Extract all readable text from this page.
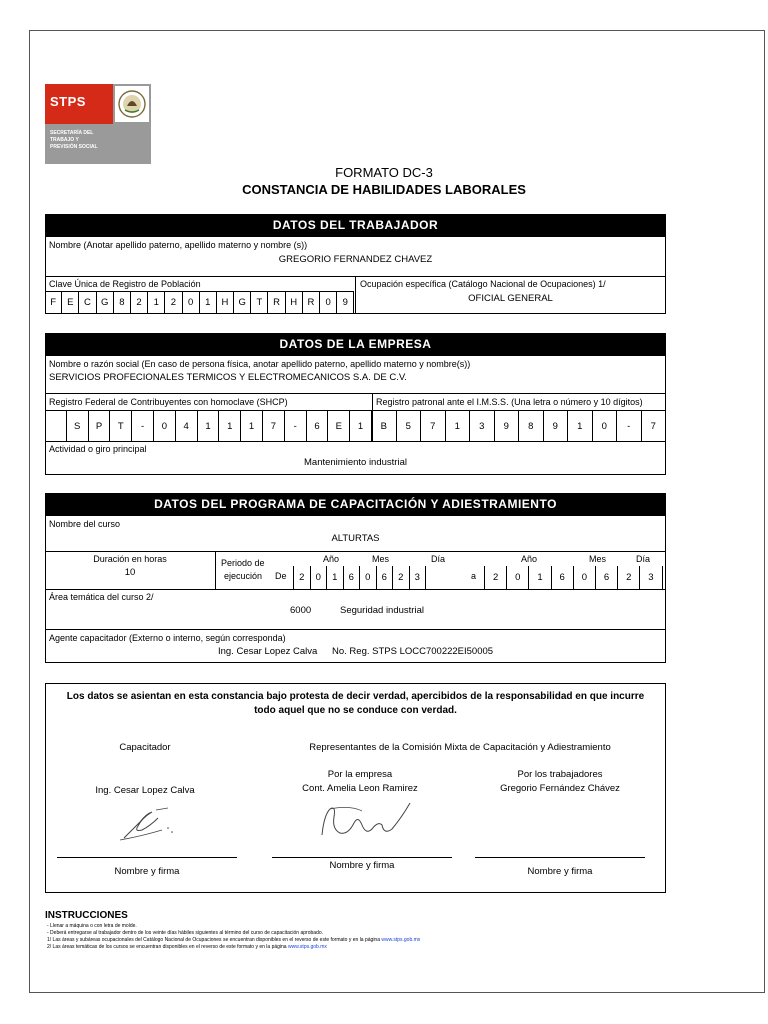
STPS
SECRETARÍA DEL
TRABAJO Y
PREVISIÓN SOCIAL
FORMATO DC-3
CONSTANCIA DE HABILIDADES LABORALES
DATOS DEL TRABAJADOR
Nombre (Anotar apellido paterno, apellido materno y nombre (s))
GREGORIO FERNANDEZ CHAVEZ
Clave Única de Registro de Población
F	E	C	G	8	2	1	2	0	1	H	G	T	R	H	R	0	9
Ocupación específica (Catálogo Nacional de Ocupaciones) 1/
OFICIAL GENERAL
DATOS DE LA EMPRESA
Nombre o razón social (En caso de persona física, anotar apellido paterno, apellido materno y nombre(s))
SERVICIOS PROFECIONALES TERMICOS Y ELECTROMECANICOS S.A. DE C.V.
Registro Federal de Contribuyentes con homoclave (SHCP)	Registro patronal ante el I.M.S.S. (Una letra o número y 10 dígitos)
S	P	T	-	0	4	1	1	1	7	-	6	E	1	B	5	7	1	3	9	8	9	1	0	-	7
Actividad o giro principal
Mantenimiento industrial
DATOS DEL PROGRAMA DE CAPACITACIÓN Y ADIESTRAMIENTO
Nombre del curso
ALTURTAS
Duración en horas
10
Periodo de
ejecución De
Año	Mes	Día
2	0	1	6	0	6	2	3	a
Año	Mes	Día
2	0	1	6	0	6	2	3
Área temática del curso 2/
6000	Seguridad industrial
Agente capacitador (Externo o interno, según corresponda)
Ing. Cesar Lopez Calva No. Reg. STPS LOCC700222EI50005
Los datos se asientan en esta constancia bajo protesta de decir verdad, apercibidos de la responsabilidad en que incurre todo aquel que no se conduce con verdad.
Capacitador	Representantes de la Comisión Mixta de Capacitación y Adiestramiento
Ing. Cesar Lopez Calva
Por la empresa
Cont. Amelia Leon Ramirez
Por los trabajadores
Gregorio Fernández Chávez
Nombre y firma
Nombre y firma
Nombre y firma
INSTRUCCIONES
- Llenar a máquina o con letra de molde.
- Deberá entregarse al trabajador dentro de los veinte días hábiles siguientes al término del curso de capacitación aprobado.
1/ Las áreas y subáreas ocupacionales del Catálogo Nacional de Ocupaciones se encuentran disponibles en el reverso de este formato y en la página www.stps.gob.mx
2/ Las áreas temáticas de los cursos se encuentran disponibles en el reverso de este formato y en la página www.stps.gob.mx
